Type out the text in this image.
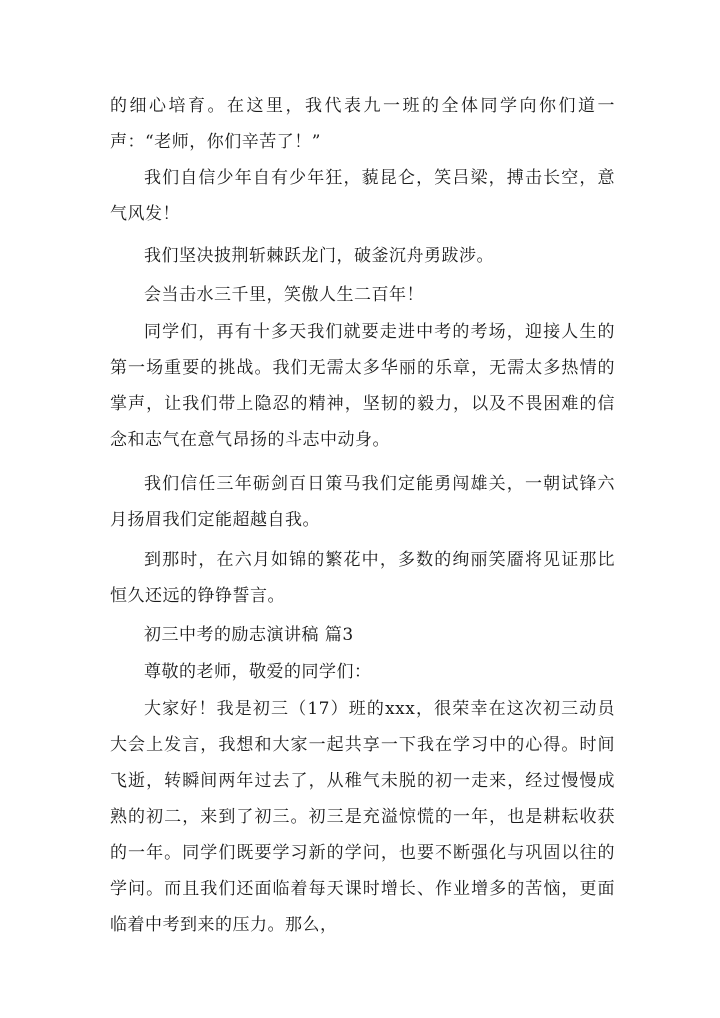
的细心培育。在这里，我代表九一班的全体同学向你们道一声：“老师，你们辛苦了！”

我们自信少年自有少年狂，藐昆仑，笑吕梁，搏击长空，意气风发！

我们坚决披荆斩棘跃龙门，破釜沉舟勇跋涉。

会当击水三千里，笑傲人生二百年！

同学们，再有十多天我们就要走进中考的考场，迎接人生的第一场重要的挑战。我们无需太多华丽的乐章，无需太多热情的掌声，让我们带上隐忍的精神，坚韧的毅力，以及不畏困难的信念和志气在意气昂扬的斗志中动身。

我们信任三年砺剑百日策马我们定能勇闯雄关，一朝试锋六月扬眉我们定能超越自我。

到那时，在六月如锦的繁花中，多数的绚丽笑靥将见证那比恒久还远的铮铮誓言。

初三中考的励志演讲稿 篇3

尊敬的老师，敬爱的同学们：

大家好！我是初三（17）班的xxx，很荣幸在这次初三动员大会上发言，我想和大家一起共享一下我在学习中的心得。时间飞逝，转瞬间两年过去了，从稚气未脱的初一走来，经过慢慢成熟的初二，来到了初三。初三是充溢惊慌的一年，也是耕耘收获的一年。同学们既要学习新的学问，也要不断强化与巩固以往的学问。而且我们还面临着每天课时增长、作业增多的苦恼，更面临着中考到来的压力。那么，
